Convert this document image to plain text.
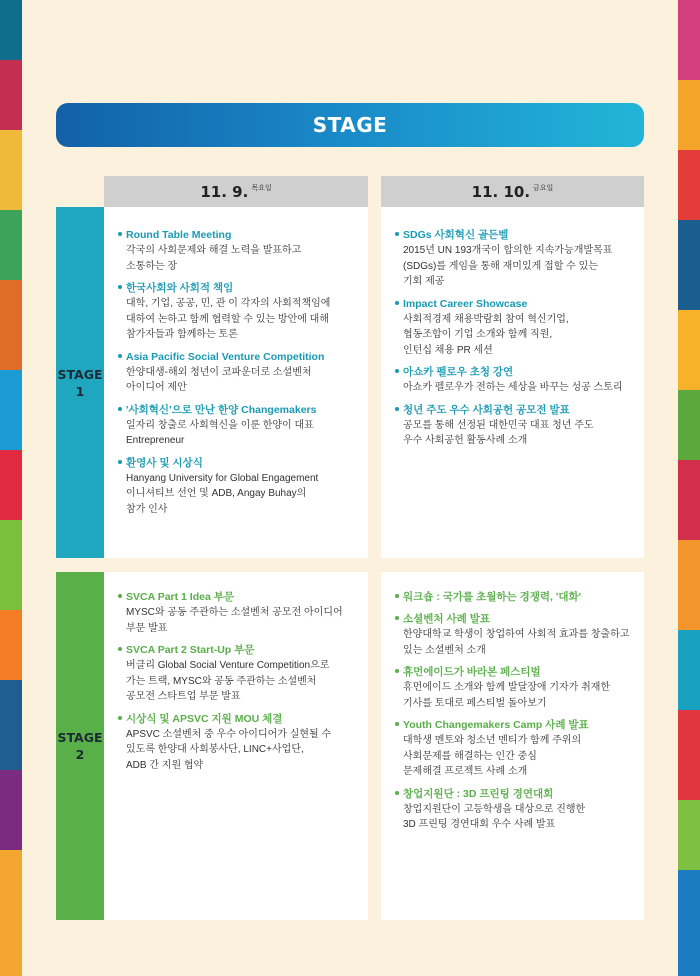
STAGE
11. 9. 목요일	11. 10. 금요일
STAGE
1
Round Table Meeting
각국의 사회문제와 해결 노력을 발표하고
소통하는 장
한국사회와 사회적 책임
대학, 기업, 공공, 민, 관 이 각자의 사회적책임에
대하여 논하고 함께 협력할 수 있는 방안에 대해
참가자들과 함께하는 토론
Asia Pacific Social Venture Competition
한양대생-해외 청년이 코파운더로 소셜벤처
아이디어 제안
'사회혁신'으로 만난 한양 Changemakers
일자리 창출로 사회혁신을 이룬 한양이 대표
Entrepreneur
환영사 및 시상식
Hanyang University for Global Engagement
이니셔티브 선언 및 ADB, Angay Buhay의
참가 인사
SDGs 사회혁신 골든벨
2015년 UN 193개국이 합의한 지속가능개발목표
(SDGs)를 게임을 통해 재미있게 접할 수 있는
기회 제공
Impact Career Showcase
사회적경제 채용박람회 참여 혁신기업,
협동조합이 기업 소개와 함께 직원,
인턴십 채용 PR 세션
아쇼카 펠로우 초청 강연
아쇼카 펠로우가 전하는 세상을 바꾸는 성공 스토리
청년 주도 우수 사회공헌 공모전 발표
공모를 통해 선정된 대한민국 대표 청년 주도
우수 사회공헌 활동사례 소개
STAGE
2
SVCA Part 1 Idea 부문
MYSC와 공동 주관하는 소셜벤처 공모전 아이디어
부문 발표
SVCA Part 2 Start-Up 부문
버클리 Global Social Venture Competition으로
가는 트랙, MYSC와 공동 주관하는 소셜벤처
공모전 스타트업 부문 발표
시상식 및 APSVC 지원 MOU 체결
APSVC 소셜벤처 중 우수 아이디어가 실현될 수
있도록 한양대 사회봉사단, LINC+사업단,
ADB 간 지원 협약
워크숍 : 국가를 초월하는 경쟁력, '대화'
소셜벤처 사례 발표
한양대학교 학생이 창업하여 사회적 효과를 창출하고
있는 소셜벤처 소개
휴먼에이드가 바라본 페스티벌
휴먼에이드 소개와 함께 발달장애 기자가 취재한
기사를 토대로 페스티벌 돌아보기
Youth Changemakers Camp 사례 발표
대학생 멘토와 청소년 멘티가 함께 주위의
사회문제를 해결하는 인간 중심
문제해결 프로젝트 사례 소개
창업지원단 : 3D 프린팅 경연대회
창업지원단이 고등학생을 대상으로 진행한
3D 프린팅 경연대회 우수 사례 발표
